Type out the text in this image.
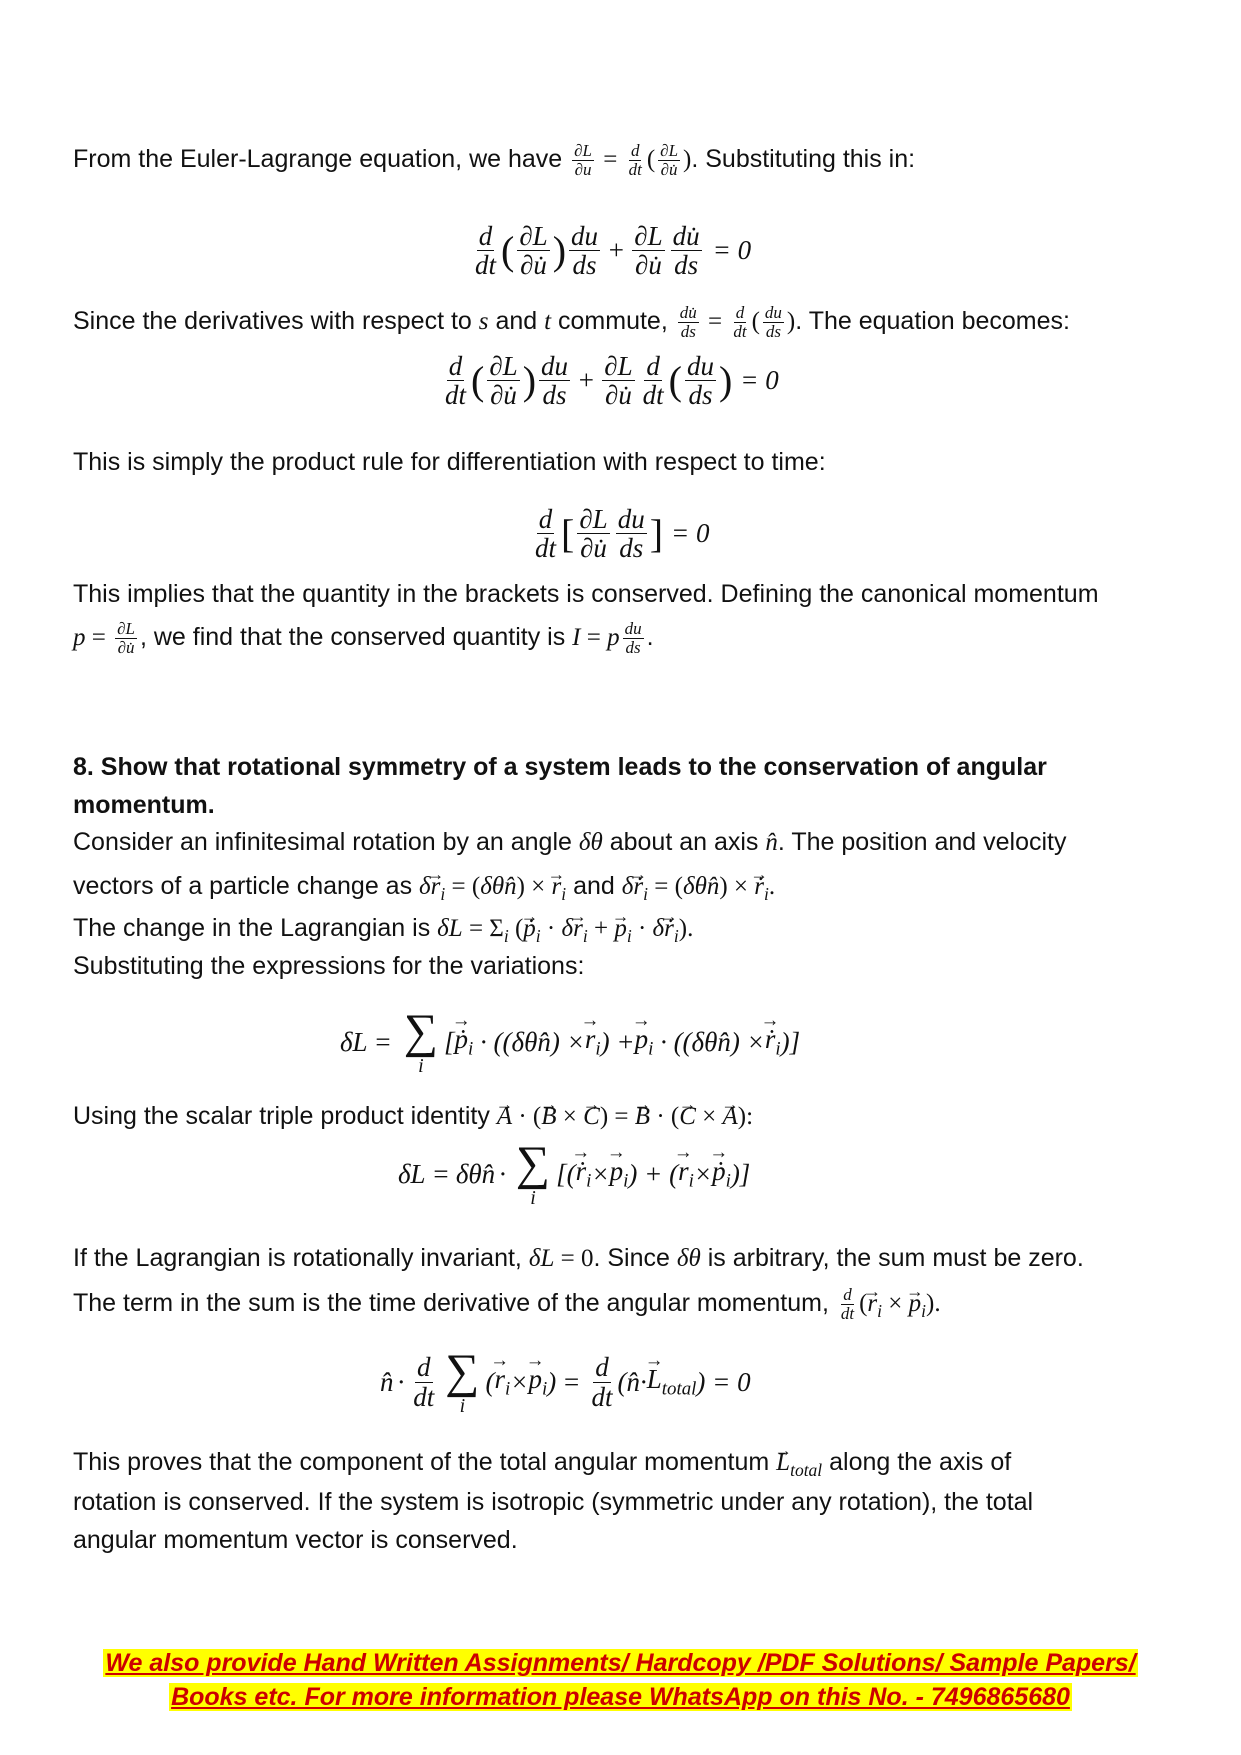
From the Euler-Lagrange equation, we have $\frac{\partial L}{\partial u} = \frac{d}{dt}$ ( $\frac{\partial L}{\partial u̇}$ ). Substituting this in:
$\frac{d}{dt}$ ( $\frac{\partial L}{\partial u̇}$ ) $\frac{du}{ds} + \frac{\partial L}{\partial u̇} \frac{du̇}{ds} = 0$
Since the derivatives with respect to s and t commute, $\frac{du̇}{ds} = \frac{d}{dt}$ ( $\frac{du}{ds}$ ). The equation becomes:
$\frac{d}{dt}$ ( $\frac{\partial L}{\partial u̇}$ ) $\frac{du}{ds} + \frac{\partial L}{\partial u̇} \frac{d}{dt}$ ( $\frac{du}{ds}$ ) = 0
This is simply the product rule for differentiation with respect to time:
$\frac{d}{dt}$ [ $\frac{\partial L}{\partial u̇} \frac{du}{ds}$ ] = 0
This implies that the quantity in the brackets is conserved. Defining the canonical momentum
$p = \frac{\partial L}{\partial u̇}$ , we find that the conserved quantity is I = p $\frac{du}{ds}$ .
8. Show that rotational symmetry of a system leads to the conservation of angular
momentum.
Consider an infinitesimal rotation by an angle δθ about an axis n̂. The position and velocity
vectors of a particle change as $\delta\to r_i$ = (δθn̂) × → $r_i$ and δ→ ṙ$_i$ = (δθn̂) × → ṙ$_i$.
The change in the Lagrangian is $\delta L = \Sigma_i$ (→ ṗ$_i$ · $\delta\to r_i$ + → $p_i \cdot \delta\to$ ṙ$_i$).
Substituting the expressions for the variations:
δL = ∑
i
[ → ṗ$_i$ · (( δθn̂ ) × → $r_i$ ) + → $p_i$ · (( δθn̂ ) × → ṙ$_i$ )]
Using the scalar triple product identity → A · (→ B × → C) = → B · (→ C × → A):
δL = δθn̂ · ∑
i
[( → ṙ$_i$ × → $p_i$ ) + ( → $r_i$ × → ṗ$_i$ )]
If the Lagrangian is rotationally invariant, δL = 0. Since δθ is arbitrary, the sum must be zero.
The term in the sum is the time derivative of the angular momentum, $\frac{d}{dt}$ (→ $r_i$ × → $p_i$).
n̂ · $\frac{d}{dt}$ ∑
i
( → $r_i$ × → $p_i$ ) = $\frac{d}{dt}$ ( n̂ · → $L_{total}$ ) = 0
This proves that the component of the total angular momentum → $L_{total}$ along the axis of
rotation is conserved. If the system is isotropic (symmetric under any rotation), the total
angular momentum vector is conserved.
We also provide Hand Written Assignments/ Hardcopy /PDF Solutions/ Sample Papers/
Books etc. For more information please WhatsApp on this No. - 7496865680
